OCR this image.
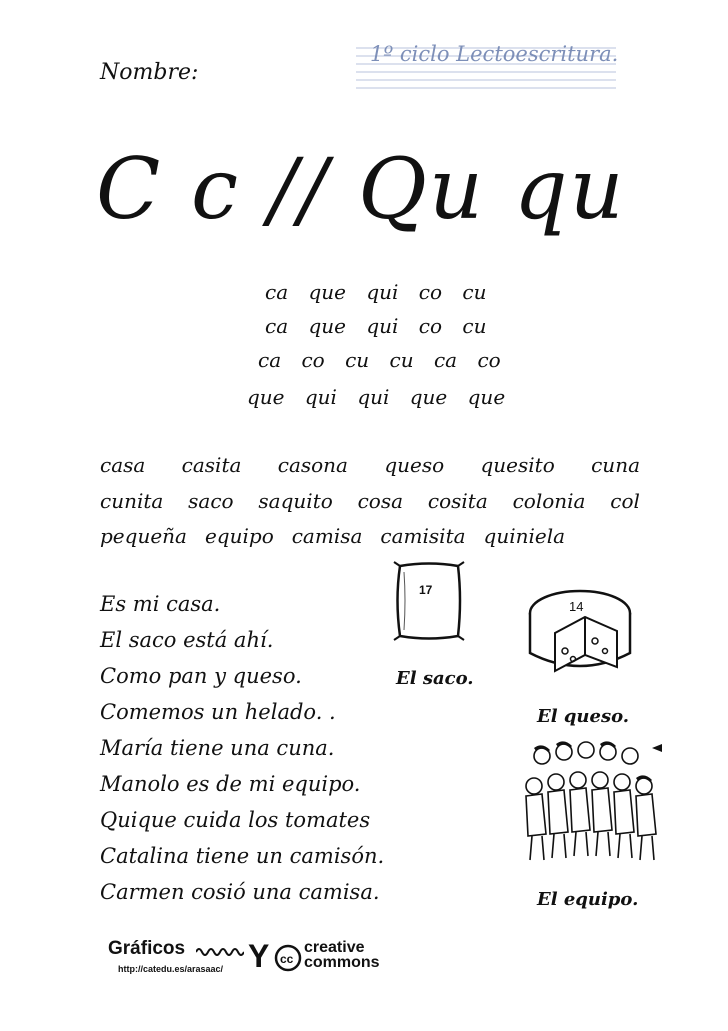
Nombre:
1º ciclo Lectoescritura.
C c // Qu qu
ca que qui co cu
ca que qui co cu
ca co cu cu ca co
que qui qui que que
casa casita casona queso quesito cuna
cunita saco saquito cosa cosita colonia col
pequeña equipo camisa camisita quiniela
Es mi casa.
El saco está ahí.
Como pan y queso.
Comemos un helado. .
María tiene una cuna.
Manolo es de mi equipo.
Quique cuida los tomates
Catalina tiene un camisón.
Carmen cosió una camisa.
17
El saco.
14
El queso.
El equipo.
Gráficos
http://catedu.es/arasaac/ Y cc
creative
commons
